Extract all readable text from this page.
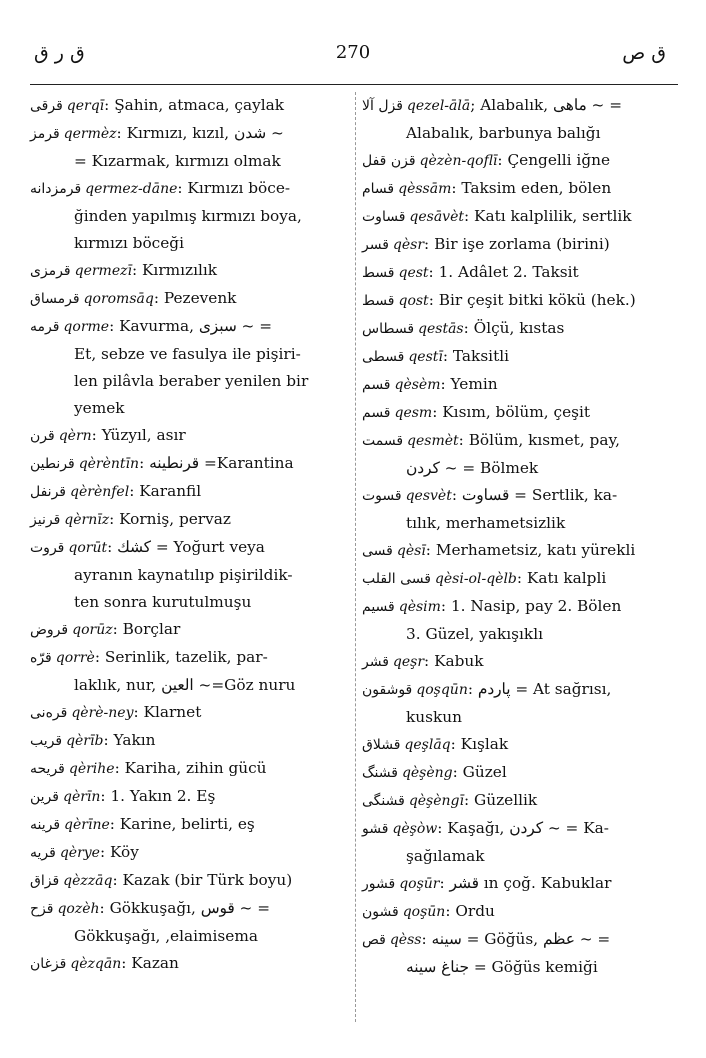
ق ر ق	270	ق ص
قرقی qerqī: Şahin, atmaca, çaylak
قرمز qermèz: Kırmızı, kızıl, شدن ~
= Kızarmak, kırmızı olmak
قرمزدانه qermez-dāne: Kırmızı böce-
ğinden yapılmış kırmızı boya,
kırmızı böceği
قرمزی qermezī: Kırmızılık
قرمساق qoromsāq: Pezevenk
قرمه qorme: Kavurma, سبزی ~ =
Et, sebze ve fasulya ile pişiri-
len pilâvla beraber yenilen bir
yemek
قرن qèrn: Yüzyıl, asır
قرنطين qèrèntīn: قرنطينه =Karantina
قرنفل qèrènfel: Karanfil
قرنيز qèrnīz: Korniş, pervaz
قروت qorūt: كشك = Yoğurt veya
ayranın kaynatılıp pişirildik-
ten sonra kurutulmuşu
قروض qorūz: Borçlar
قرّه qorrè: Serinlik, tazelik, par-
laklık, nur, العين ~=Göz nuru
قره‌نی qèrè-ney: Klarnet
قريب qèrīb: Yakın
قريحه qèrihe: Kariha, zihin gücü
قرين qèrīn: 1. Yakın 2. Eş
قرينه qèrīne: Karine, belirti, eş
قريه qèrye: Köy
قزاق qèzzāq: Kazak (bir Türk boyu)
قزح qozèh: Gökkuşağı, قوس ~ =
Gökkuşağı, ,elaimisema
قزغان qèzqān: Kazan
قزل آلا qezel-ālā; Alabalık, ماهی ~ =
Alabalık, barbunya balığı
قزن قفل qèzèn-qoflī: Çengelli iğne
قسام qèssām: Taksim eden, bölen
قساوت qesāvèt: Katı kalplilik, sertlik
قسر qèsr: Bir işe zorlama (birini)
قسط qest: 1. Adâlet 2. Taksit
قسط qost: Bir çeşit bitki kökü (hek.)
قسطاس qestās: Ölçü, kıstas
قسطی qestī: Taksitli
قسم qèsèm: Yemin
قسم qesm: Kısım, bölüm, çeşit
قسمت qesmèt: Bölüm, kısmet, pay,
كردن ~ = Bölmek
قسوت qesvèt: قساوت = Sertlik, ka-
tılık, merhametsizlik
قسی qèsī: Merhametsiz, katı yürekli
قسی القلب qèsi-ol-qèlb: Katı kalpli
قسيم qèsim: 1. Nasip, pay 2. Bölen
3. Güzel, yakışıklı
قشر qeşr: Kabuk
قوشقون qoşqūn: پاردم = At sağrısı,
kuskun
قشلاق qeşlāq: Kışlak
قشنگ qèşèng: Güzel
قشنگی qèşèngī: Güzellik
قشو qèşòw: Kaşağı, كردن ~ = Ka-
şağılamak
قشور qoşūr: قشر ın çoğ. Kabuklar
قشون qoşūn: Ordu
قص qèss: سينه = Göğüs, عظم ~ =
جناغ سينه = Göğüs kemiği
